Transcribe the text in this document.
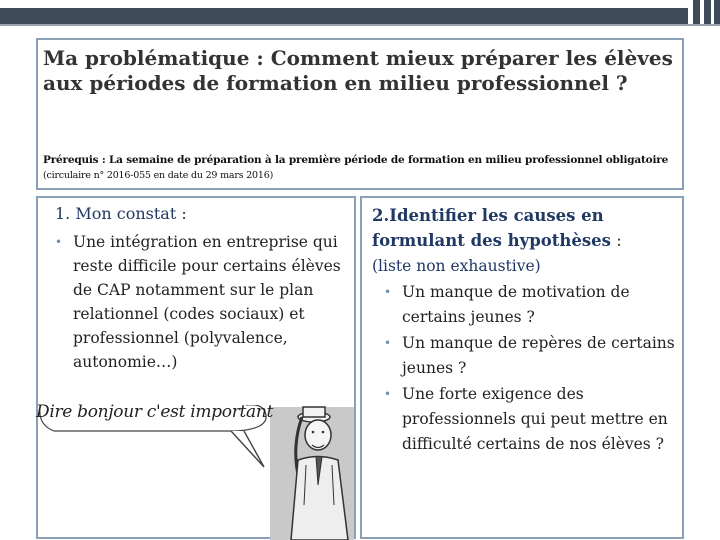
Ma problématique : Comment mieux préparer les élèves aux périodes de formation en milieu professionnel ?
Prérequis : La semaine de préparation à la première période de formation en milieu professionnel obligatoire (circulaire n° 2016-055 en date du 29 mars 2016)
1. Mon constat :
• Une intégration en entreprise qui reste difficile pour certains élèves de CAP notamment sur le plan relationnel (codes sociaux) et professionnel (polyvalence, autonomie…)
Dire bonjour c'est important
2.Identifier les causes en formulant des hypothèses :
(liste non exhaustive)
• Un manque de motivation de certains jeunes ?
• Un manque de repères de certains jeunes ?
• Une forte exigence des professionnels qui peut mettre en difficulté certains de nos élèves ?
